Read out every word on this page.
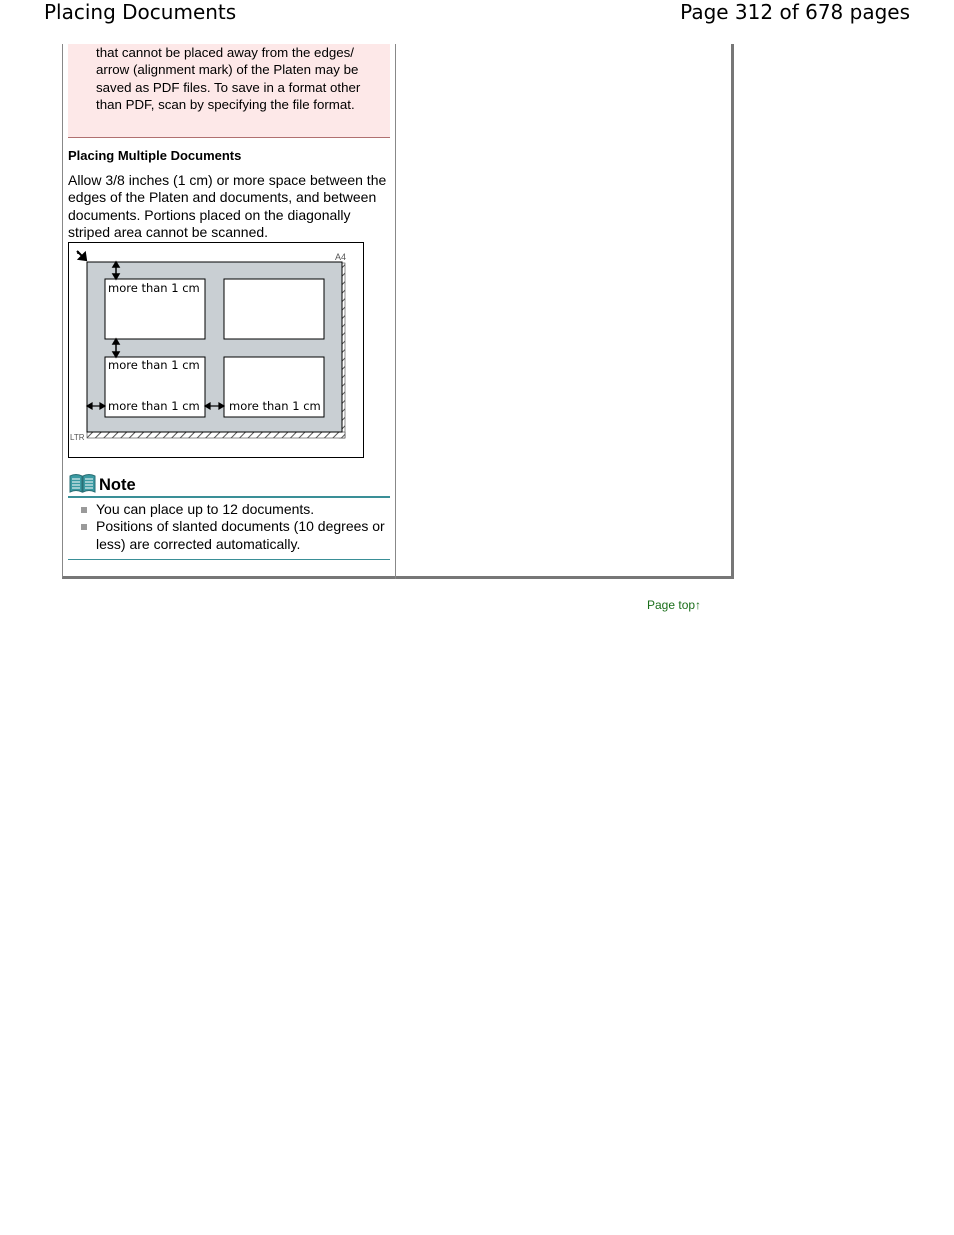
Placing Documents	Page 312 of 678 pages

that cannot be placed away from the edges/ arrow (alignment mark) of the Platen may be saved as PDF files. To save in a format other than PDF, scan by specifying the file format.

Placing Multiple Documents

Allow 3/8 inches (1 cm) or more space between the edges of the Platen and documents, and between documents. Portions placed on the diagonally striped area cannot be scanned.

A4
LTR
more than 1 cm
more than 1 cm
more than 1 cm	more than 1 cm
Note
You can place up to 12 documents.
Positions of slanted documents (10 degrees or less) are corrected automatically.
Page top↑
